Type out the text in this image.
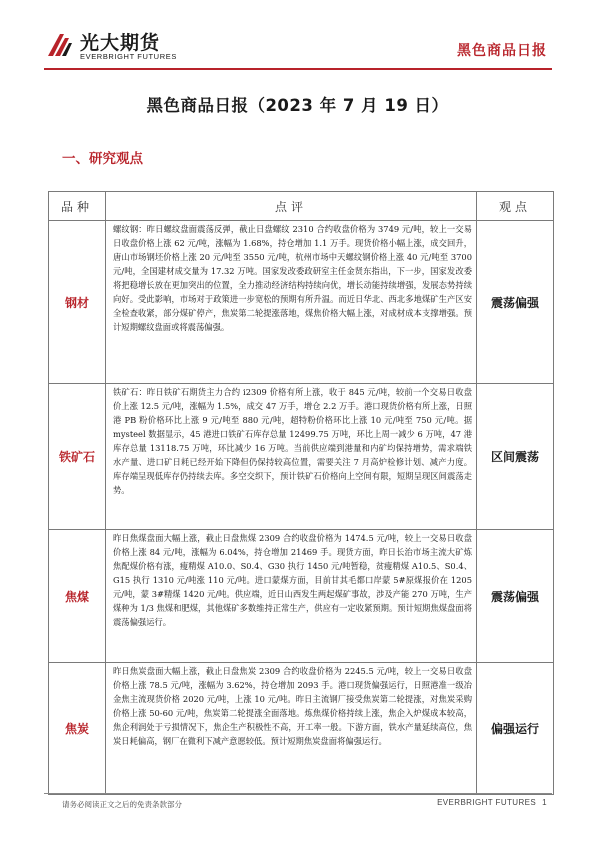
光大期货
EVERBRIGHT FUTURES	黑色商品日报
黑色商品日报（2023 年 7 月 19 日）
一、研究观点
品种	点评	观点
钢材	螺纹钢：昨日螺纹盘面震荡反弹，截止日盘螺纹 2310 合约收盘价格为 3749 元/吨，较上一交易日收盘价格上涨 62 元/吨，涨幅为 1.68%，持仓增加 1.1 万手。现货价格小幅上涨，成交回升，唐山市场钢坯价格上涨 20 元/吨至 3550 元/吨，杭州市场中天螺纹钢价格上涨 40 元/吨至 3700 元/吨，全国建材成交量为 17.32 万吨。国家发改委政研室主任金贤东指出，下一步，国家发改委将把稳增长放在更加突出的位置，全力推动经济结构持续向优，增长动能持续增强，发展态势持续向好。受此影响，市场对于政策进一步宽松的预期有所升温。而近日华北、西北多地煤矿生产区安全检查收紧，部分煤矿停产，焦炭第二轮提涨落地，煤焦价格大幅上涨，对成材成本支撑增强。预计短期螺纹盘面或将震荡偏强。	震荡偏强
铁矿石	铁矿石：昨日铁矿石期货主力合约 i2309 价格有所上涨，收于 845 元/吨，较前一个交易日收盘价上涨 12.5 元/吨，涨幅为 1.5%，成交 47 万手，增仓 2.2 万手。港口现货价格有所上涨，日照港 PB 粉价格环比上涨 9 元/吨至 880 元/吨，超特粉价格环比上涨 10 元/吨至 750 元/吨。据 mysteel 数据显示，45 港进口铁矿石库存总量 12499.75 万吨，环比上周一减少 6 万吨，47 港库存总量 13118.75 万吨，环比减少 16 万吨。当前供应端到港量和内矿均保持增势，需求端铁水产量、进口矿日耗已经开始下降但仍保持较高位置，需要关注 7 月高炉检修计划、减产力度。库存端呈现低库存仍持续去库。多空交织下，预计铁矿石价格向上空间有限，短期呈现区间震荡走势。	区间震荡
焦煤	昨日焦煤盘面大幅上涨，截止日盘焦煤 2309 合约收盘价格为 1474.5 元/吨，较上一交易日收盘价格上涨 84 元/吨，涨幅为 6.04%，持仓增加 21469 手。现货方面，昨日长治市场主流大矿炼焦配煤价格有涨，瘦精煤 A10.0、S0.4、G30 执行 1450 元/吨暂稳，贫瘦精煤 A10.5、S0.4、G15 执行 1310 元/吨涨 110 元/吨。进口蒙煤方面，目前甘其毛都口岸蒙 5#原煤报价在 1205 元/吨，蒙 3#精煤 1420 元/吨。供应端，近日山西发生两起煤矿事故，涉及产能 270 万吨，生产煤种为 1/3 焦煤和肥煤，其他煤矿多数维持正常生产，供应有一定收紧预期。预计短期焦煤盘面将震荡偏强运行。	震荡偏强
焦炭	昨日焦炭盘面大幅上涨，截止日盘焦炭 2309 合约收盘价格为 2245.5 元/吨，较上一交易日收盘价格上涨 78.5 元/吨，涨幅为 3.62%，持仓增加 2093 手。港口现货偏强运行，日照港准一级冶金焦主流现货价格 2020 元/吨，上涨 10 元/吨。昨日主流钢厂接受焦炭第二轮提涨，对焦炭采购价格上涨 50-60 元/吨，焦炭第二轮提涨全面落地。炼焦煤价格持续上涨，焦企入炉煤成本较高，焦企利润处于亏损情况下，焦企生产积极性不高，开工率一般。下游方面，铁水产量延续高位，焦炭日耗偏高，钢厂在微利下减产意愿较低。预计短期焦炭盘面将偏强运行。	偏强运行
请务必阅读正文之后的免责条款部分	EVERBRIGHT FUTURES 1
